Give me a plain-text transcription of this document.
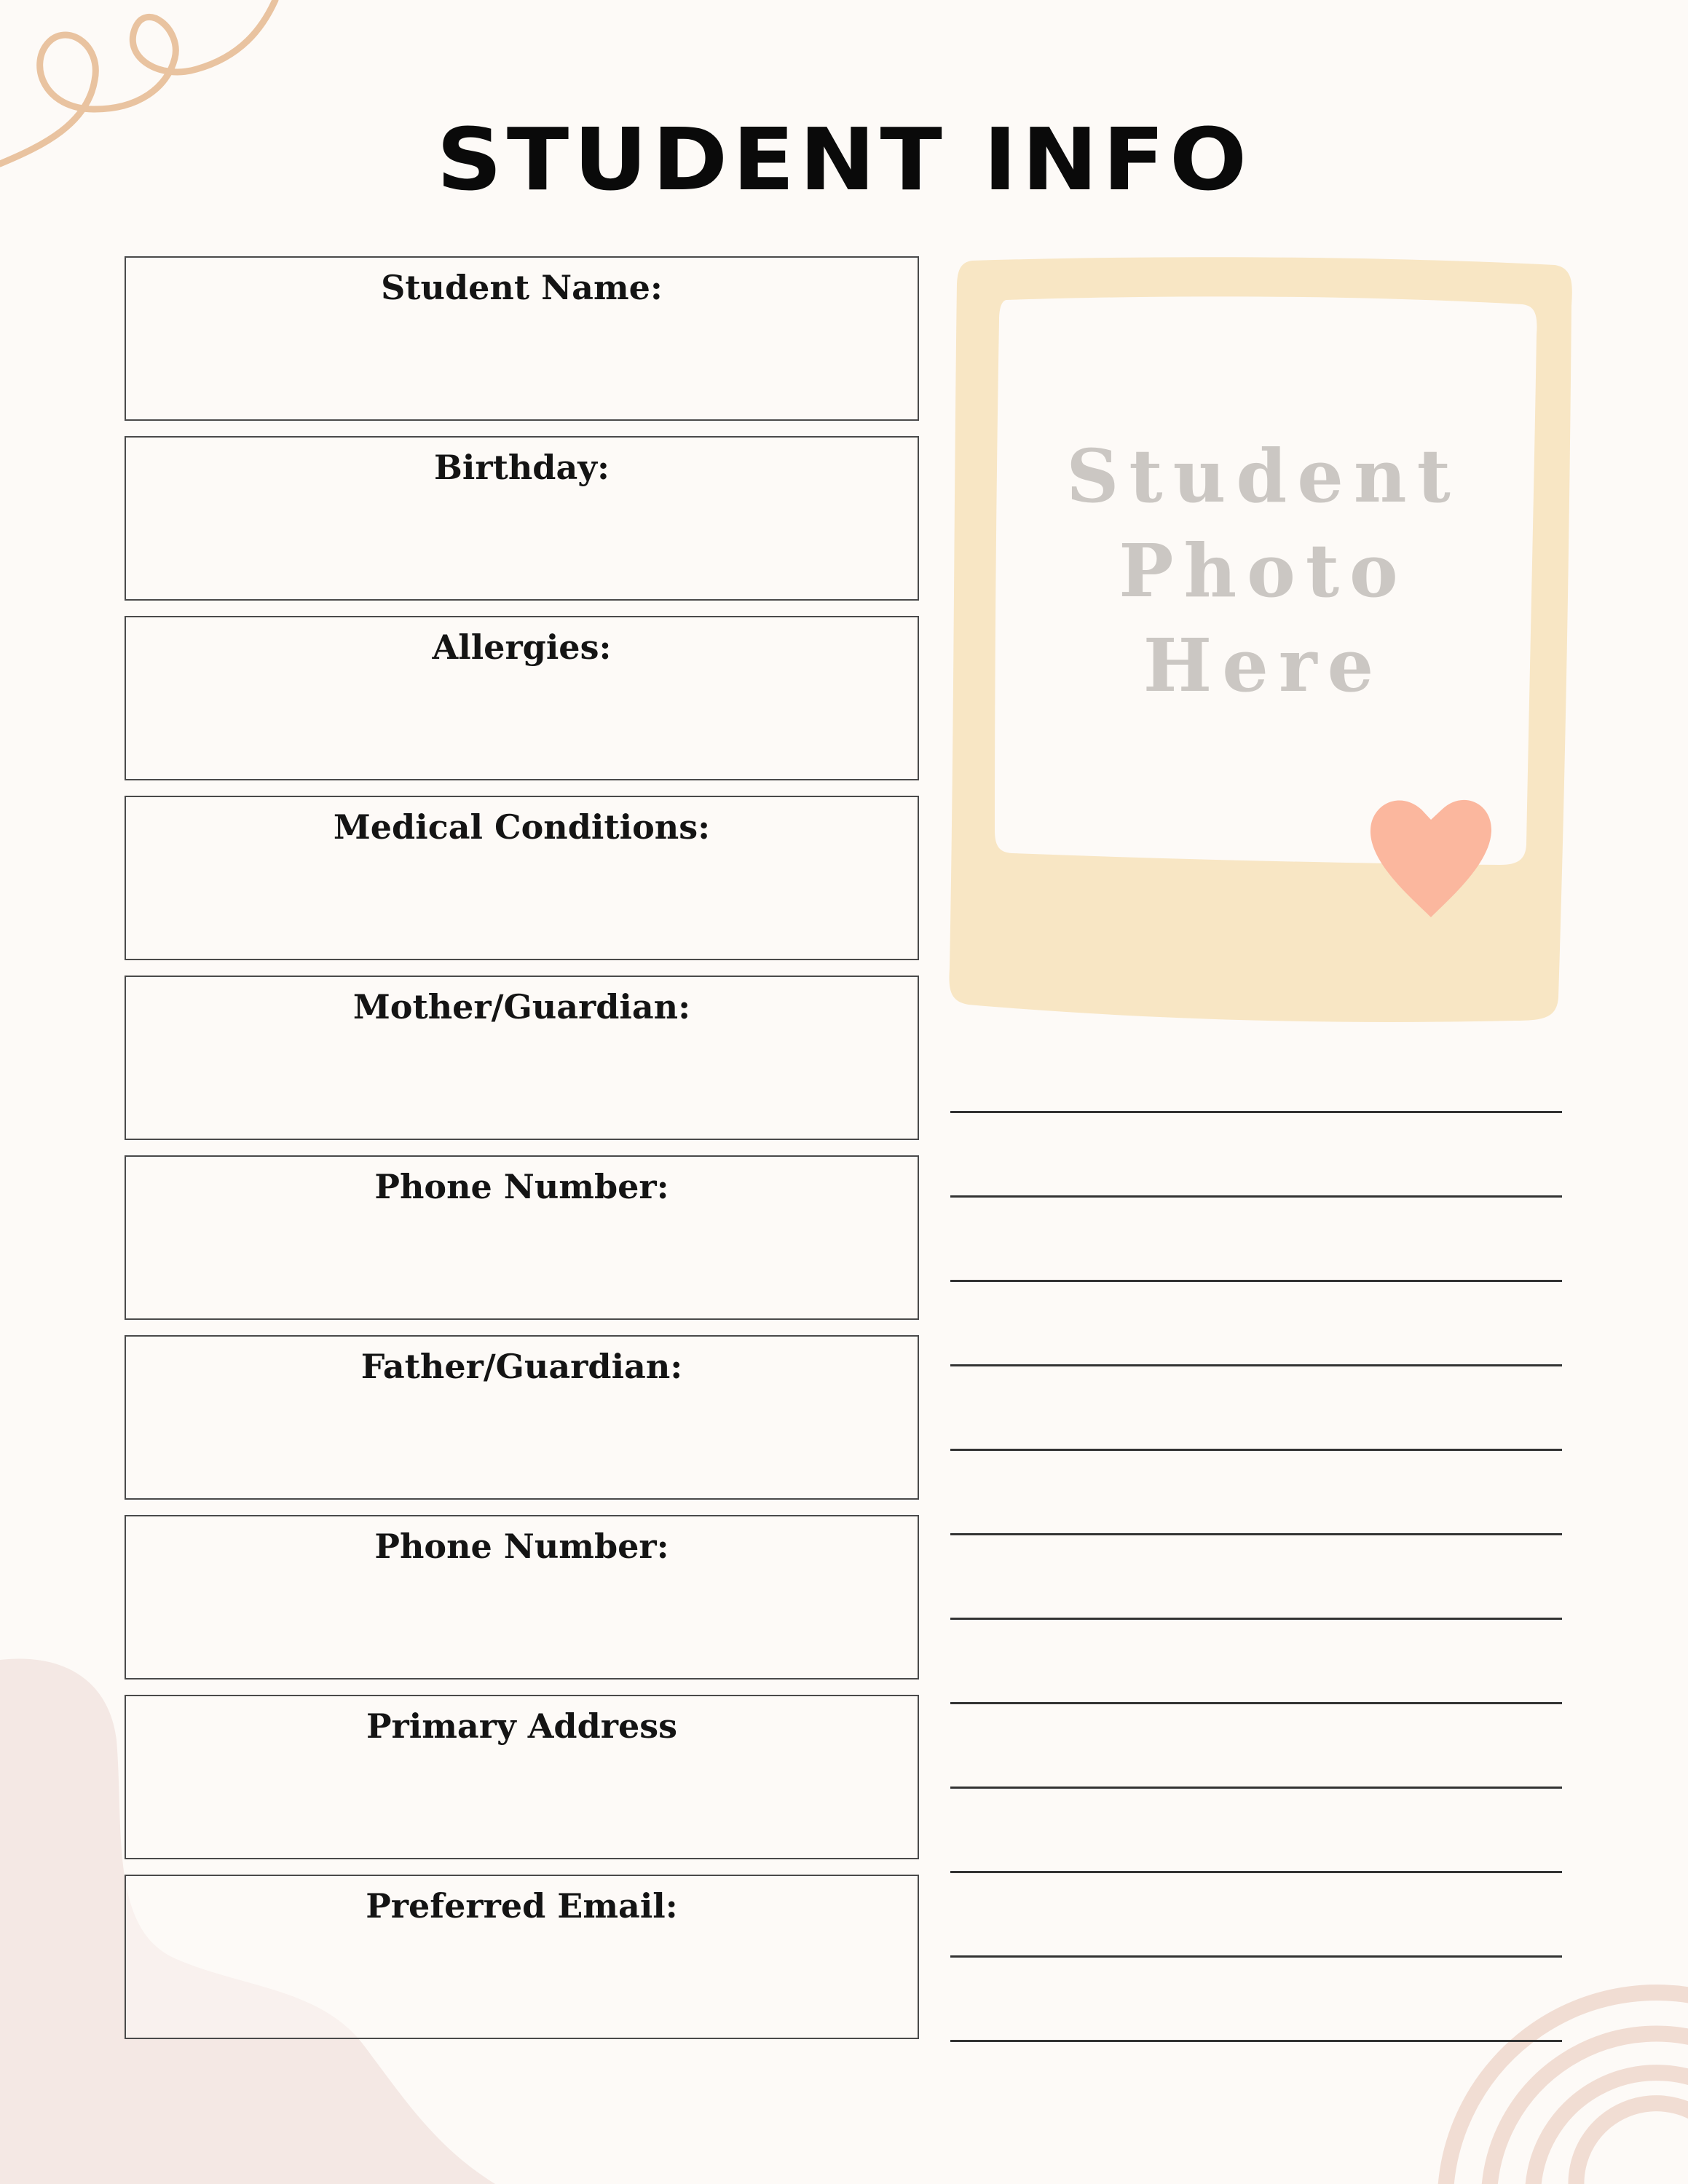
STUDENT INFO
Student Name:
Birthday:
Allergies:
Medical Conditions:
Mother/Guardian:
Phone Number:
Father/Guardian:
Phone Number:
Primary Address
Preferred Email:
Student
Photo
Here
